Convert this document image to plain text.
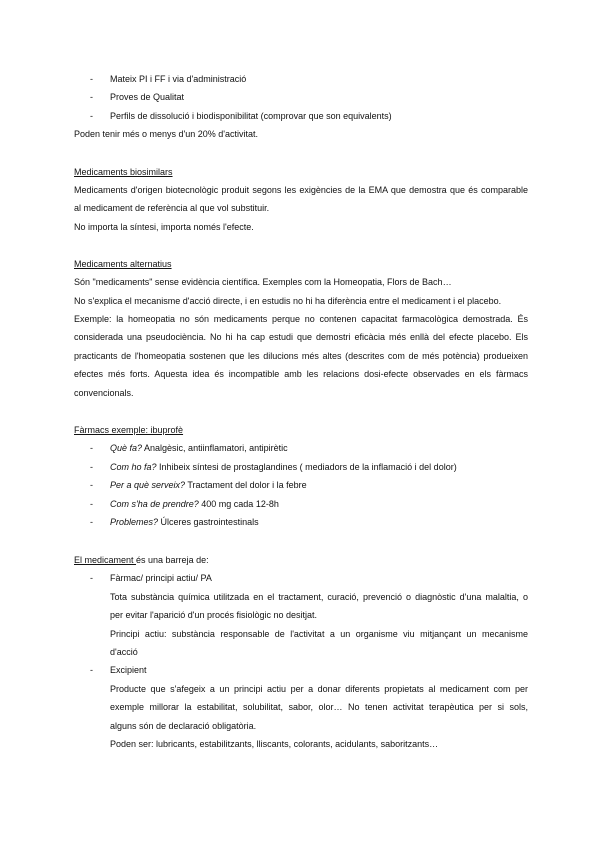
- Mateix PI i FF i via d'administració
- Proves de Qualitat
- Perfils de dissolució i biodisponibilitat (comprovar que son equivalents)
Poden tenir més o menys d'un 20% d'activitat.
Medicaments biosimilars
Medicaments d'origen biotecnològic produit segons les exigències de la EMA que demostra que és comparable
al medicament de referència al que vol substituir.
No importa la síntesi, importa només l'efecte.
Medicaments alternatius
Són "medicaments" sense evidència científica. Exemples com la Homeopatia, Flors de Bach…
No s'explica el mecanisme d'acció directe, i en estudis no hi ha diferència entre el medicament i el placebo.
Exemple: la homeopatia no són medicaments perque no contenen capacitat farmacològica demostrada. És
considerada una pseudociència. No hi ha cap estudi que demostri eficàcia més enllà del efecte placebo. Els
practicants de l'homeopatia sostenen que les dilucions més altes (descrites com de més potència) produeixen
efectes més forts. Aquesta idea és incompatible amb les relacions dosi-efecte observades en els fàrmacs
convencionals.
Fàrmacs exemple: ibuprofè
- Què fa? Analgèsic, antiinflamatori, antipirètic
- Com ho fa? Inhibeix síntesi de prostaglandines ( mediadors de la inflamació i del dolor)
- Per a què serveix? Tractament del dolor i la febre
- Com s'ha de prendre? 400 mg cada 12-8h
- Problemes? Úlceres gastrointestinals
El medicament és una barreja de:
- Fàrmac/ principi actiu/ PA
Tota substància química utilitzada en el tractament, curació, prevenció o diagnòstic d'una malaltia, o
per evitar l'aparició d'un procés fisiològic no desitjat.
Principi actiu: substància responsable de l'activitat a un organisme viu mitjançant un mecanisme
d'acció
- Excipient
Producte que s'afegeix a un principi actiu per a donar diferents propietats al medicament com per
exemple millorar la estabilitat, solubilitat, sabor, olor… No tenen activitat terapèutica per si sols,
alguns són de declaració obligatòria.
Poden ser: lubricants, estabilitzants, lliscants, colorants, acidulants, saboritzants…
